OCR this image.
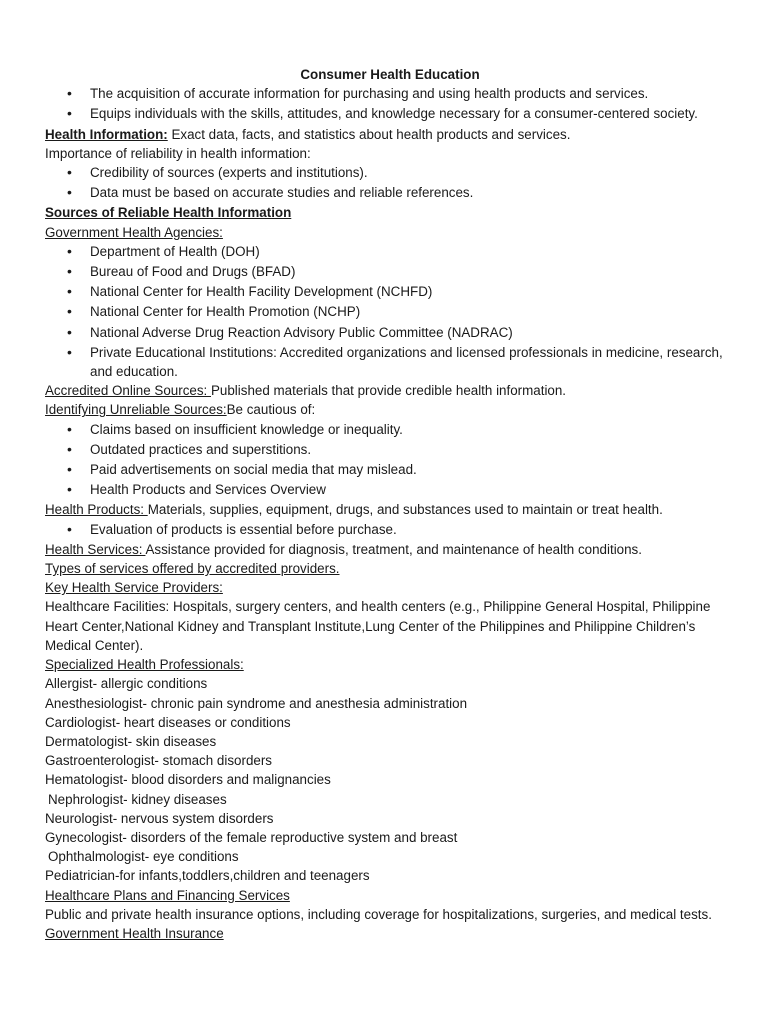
Consumer Health Education

• The acquisition of accurate information for purchasing and using health products and services.
• Equips individuals with the skills, attitudes, and knowledge necessary for a consumer-centered society.

Health Information: Exact data, facts, and statistics about health products and services.

Importance of reliability in health information:

• Credibility of sources (experts and institutions).
• Data must be based on accurate studies and reliable references.

Sources of Reliable Health Information

Government Health Agencies:

• Department of Health (DOH)
• Bureau of Food and Drugs (BFAD)
• National Center for Health Facility Development (NCHFD)
• National Center for Health Promotion (NCHP)
• National Adverse Drug Reaction Advisory Public Committee (NADRAC)
• Private Educational Institutions: Accredited organizations and licensed professionals in medicine, research, and education.

Accredited Online Sources: Published materials that provide credible health information.

Identifying Unreliable Sources:Be cautious of:

• Claims based on insufficient knowledge or inequality.
• Outdated practices and superstitions.
• Paid advertisements on social media that may mislead.
• Health Products and Services Overview

Health Products: Materials, supplies, equipment, drugs, and substances used to maintain or treat health.

• Evaluation of products is essential before purchase.

Health Services: Assistance provided for diagnosis, treatment, and maintenance of health conditions.

Types of services offered by accredited providers.

Key Health Service Providers:

Healthcare Facilities: Hospitals, surgery centers, and health centers (e.g., Philippine General Hospital, Philippine Heart Center,National Kidney and Transplant Institute,Lung Center of the Philippines and Philippine Children’s Medical Center).

Specialized Health Professionals:

Allergist- allergic conditions

Anesthesiologist- chronic pain syndrome and anesthesia administration

Cardiologist- heart diseases or conditions

Dermatologist- skin diseases

Gastroenterologist- stomach disorders

Hematologist- blood disorders and malignancies

Nephrologist- kidney diseases

Neurologist- nervous system disorders

Gynecologist- disorders of the female reproductive system and breast

Ophthalmologist- eye conditions

Pediatrician-for infants,toddlers,children and teenagers

Healthcare Plans and Financing Services

Public and private health insurance options, including coverage for hospitalizations, surgeries, and medical tests.

Government Health Insurance
